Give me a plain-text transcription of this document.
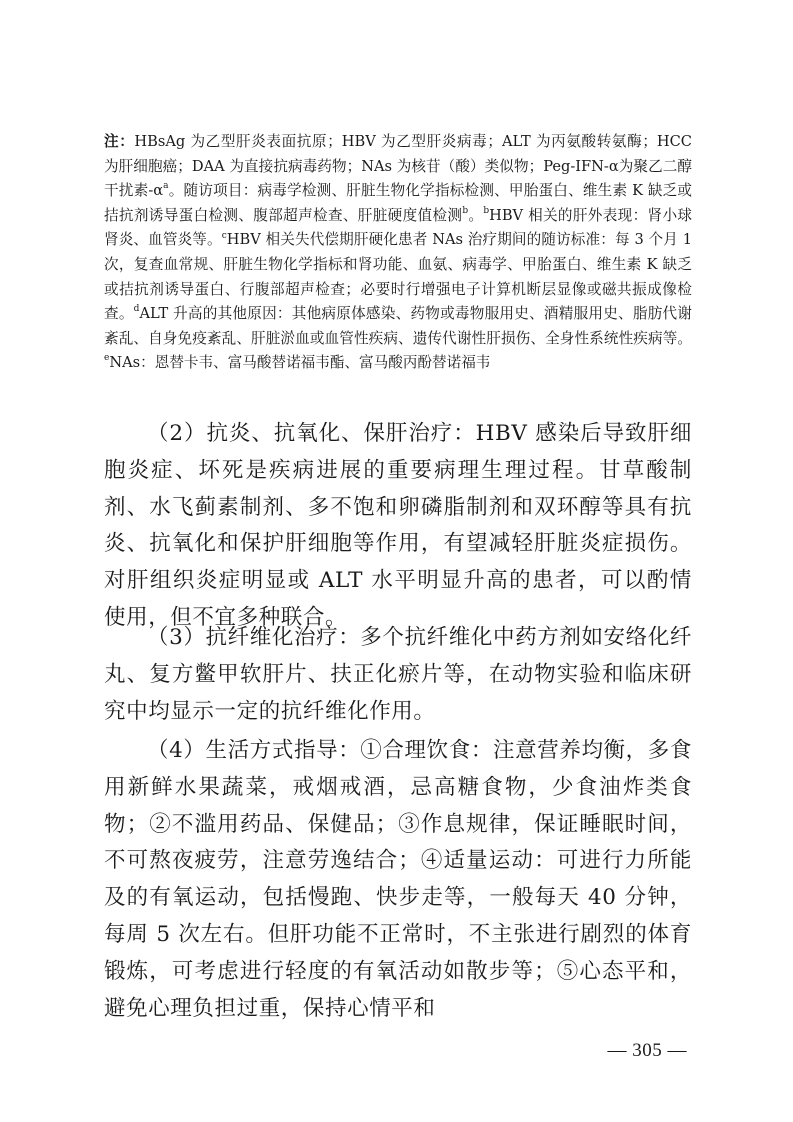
注：HBsAg 为乙型肝炎表面抗原；HBV 为乙型肝炎病毒；ALT 为丙氨酸转氨酶；HCC 为肝细胞癌；DAA 为直接抗病毒药物；NAs 为核苷（酸）类似物；Peg-IFN-α为聚乙二醇干扰素$-\alpha^a$。随访项目：病毒学检测、肝脏生物化学指标检测、甲胎蛋白、维生素 K 缺乏或拮抗剂诱导蛋白检测、腹部超声检查、肝脏硬度值检测$^b$。$^b$HBV 相关的肝外表现：肾小球肾炎、血管炎等。$^c$HBV 相关失代偿期肝硬化患者 NAs 治疗期间的随访标准：每 3 个月 1 次，复查血常规、肝脏生物化学指标和肾功能、血氨、病毒学、甲胎蛋白、维生素 K 缺乏或拮抗剂诱导蛋白、行腹部超声检查；必要时行增强电子计算机断层显像或磁共振成像检查。$^d$ALT 升高的其他原因：其他病原体感染、药物或毒物服用史、酒精服用史、脂肪代谢紊乱、自身免疫紊乱、肝脏淤血或血管性疾病、遗传代谢性肝损伤、全身性系统性疾病等。$^e$NAs：恩替卡韦、富马酸替诺福韦酯、富马酸丙酚替诺福韦

（2）抗炎、抗氧化、保肝治疗：HBV 感染后导致肝细胞炎症、坏死是疾病进展的重要病理生理过程。甘草酸制剂、水飞蓟素制剂、多不饱和卵磷脂制剂和双环醇等具有抗炎、抗氧化和保护肝细胞等作用，有望减轻肝脏炎症损伤。对肝组织炎症明显或 ALT 水平明显升高的患者，可以酌情使用，但不宜多种联合。

（3）抗纤维化治疗：多个抗纤维化中药方剂如安络化纤丸、复方鳖甲软肝片、扶正化瘀片等，在动物实验和临床研究中均显示一定的抗纤维化作用。

（4）生活方式指导：①合理饮食：注意营养均衡，多食用新鲜水果蔬菜，戒烟戒酒，忌高糖食物，少食油炸类食物；②不滥用药品、保健品；③作息规律，保证睡眠时间，不可熬夜疲劳，注意劳逸结合；④适量运动：可进行力所能及的有氧运动，包括慢跑、快步走等，一般每天 40 分钟，每周 5 次左右。但肝功能不正常时，不主张进行剧烈的体育锻炼，可考虑进行轻度的有氧活动如散步等；⑤心态平和，避免心理负担过重，保持心情平和

— 305 —
